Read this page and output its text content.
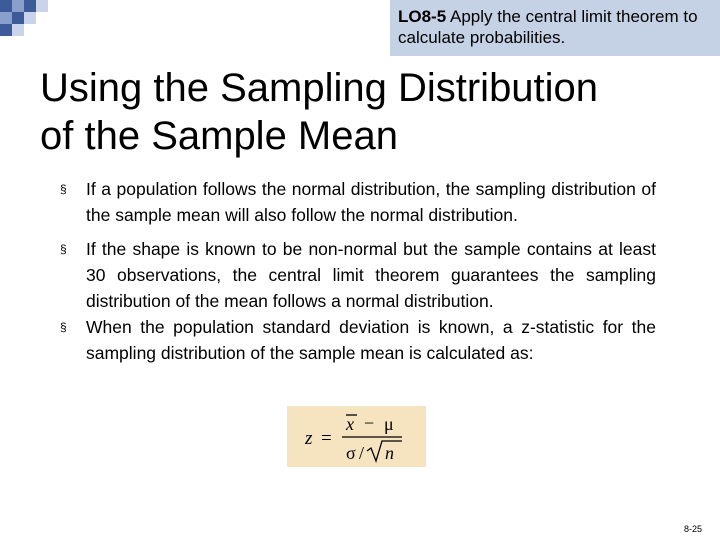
LO8-5 Apply the central limit theorem to calculate probabilities.
Using the Sampling Distribution
of the Sample Mean
§ If a population follows the normal distribution, the sampling distribution of the sample mean will also follow the normal distribution.
§ If the shape is known to be non-normal but the sample contains at least 30 observations, the central limit theorem guarantees the sampling distribution of the mean follows a normal distribution.
§ When the population standard deviation is known, a z-statistic for the sampling distribution of the sample mean is calculated as:
z =
x − μ
σ / n
8-25
